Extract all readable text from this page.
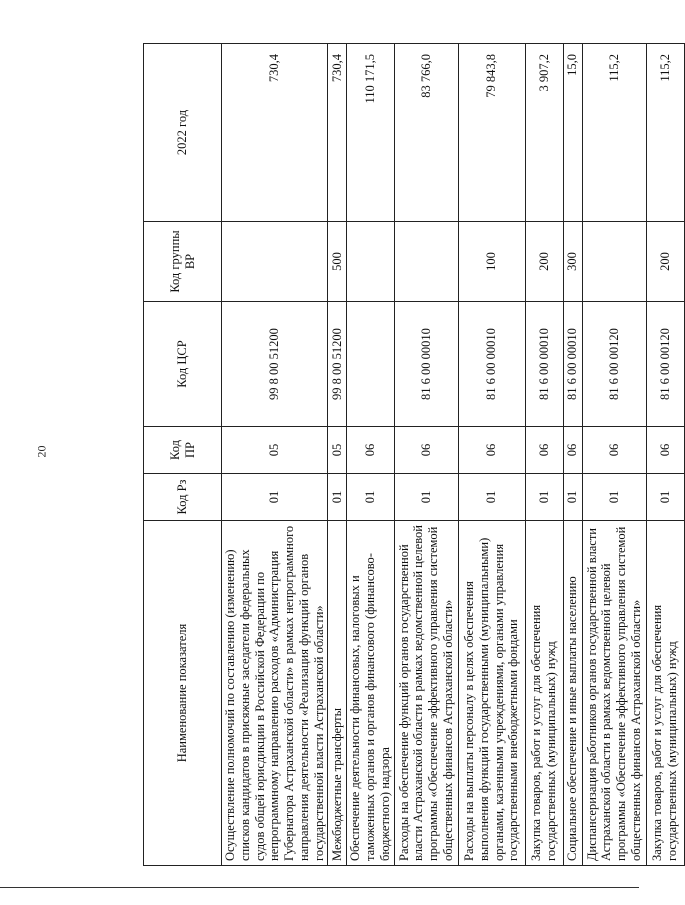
20
Наименование показателя	Код Рз	Код ПР	Код ЦСР	Код группы ВР	2022 год
Осуществление полномочий по составлению (изменению) списков кандидатов в присяжные заседатели федеральных судов общей юрисдикции в Российской Федерации по непрограммному направлению расходов «Администрация Губернатора Астраханской области» в рамках непрограммного направления деятельности «Реализация функций органов государственной власти Астраханской области»	01	05	99 8 00 51200		730,4
Межбюджетные трансферты	01	05	99 8 00 51200	500	730,4
Обеспечение деятельности финансовых, налоговых и таможенных органов и органов финансового (финансово-бюджетного) надзора	01	06			110 171,5
Расходы на обеспечение функций органов государственной власти Астраханской области в рамках ведомственной целевой программы «Обеспечение эффективного управления системой общественных финансов Астраханской области»	01	06	81 6 00 00010		83 766,0
Расходы на выплаты персоналу в целях обеспечения выполнения функций государственными (муниципальными) органами, казенными учреждениями, органами управления государственными внебюджетными фондами	01	06	81 6 00 00010	100	79 843,8
Закупка товаров, работ и услуг для обеспечения государственных (муниципальных) нужд	01	06	81 6 00 00010	200	3 907,2
Социальное обеспечение и иные выплаты населению	01	06	81 6 00 00010	300	15,0
Диспансеризация работников органов государственной власти Астраханской области в рамках ведомственной целевой программы «Обеспечение эффективного управления системой общественных финансов Астраханской области»	01	06	81 6 00 00120		115,2
Закупка товаров, работ и услуг для обеспечения государственных (муниципальных) нужд	01	06	81 6 00 00120	200	115,2
